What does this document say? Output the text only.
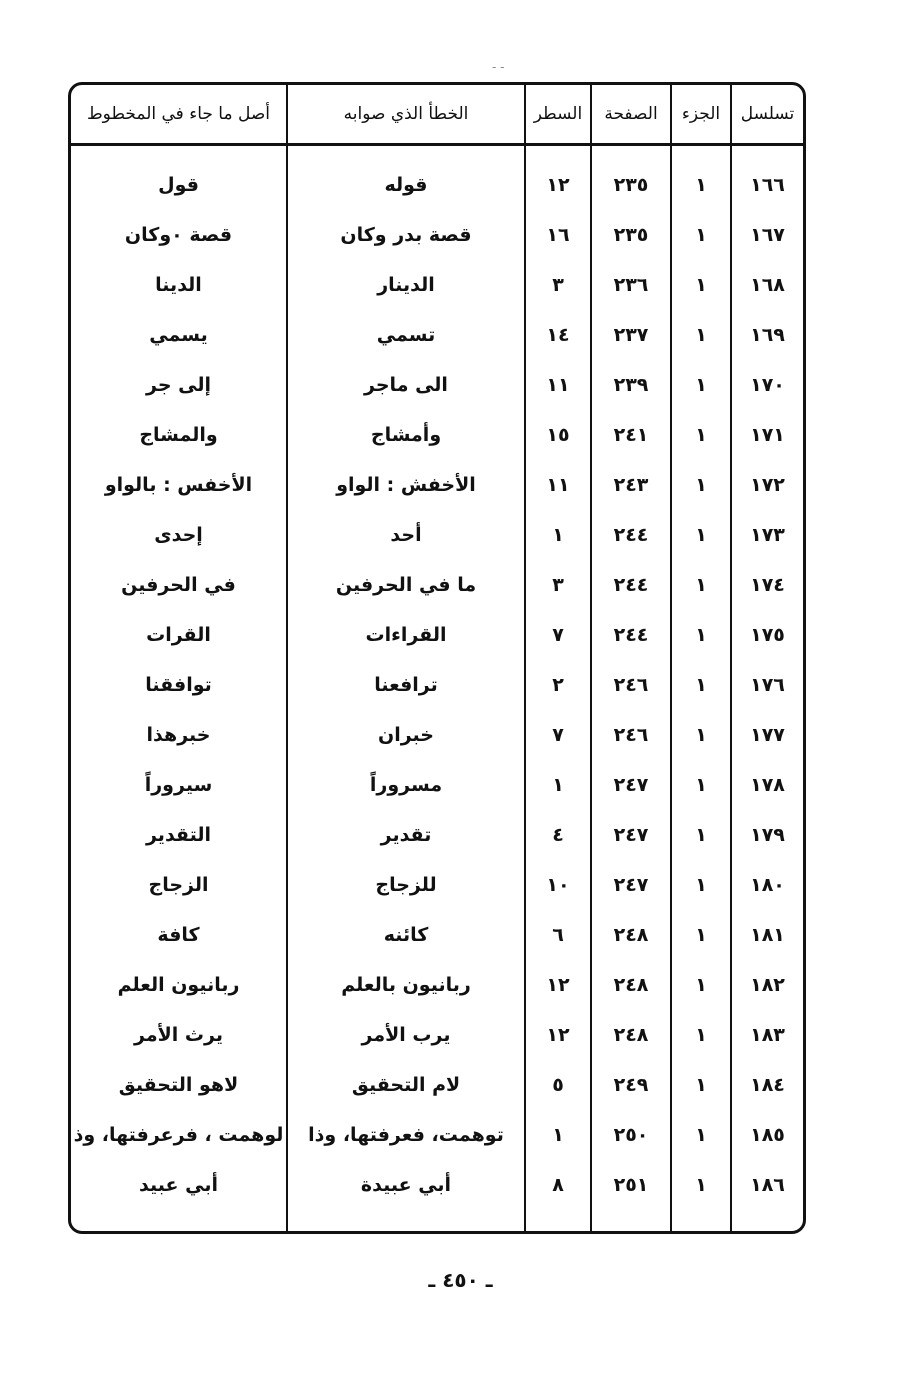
- -
تسلسل	الجزء	الصفحة	السطر	الخطأ الذي صوابه	أصل ما جاء في المخطوط

١٦٦	١	٢٣٥	١٢	قوله	قول
١٦٧	١	٢٣٥	١٦	قصة بدر وكان	قصة ٠وكان
١٦٨	١	٢٣٦	٣	الدينار	الدينا
١٦٩	١	٢٣٧	١٤	تسمي	يسمي
١٧٠	١	٢٣٩	١١	الى ماجر	إلى جر
١٧١	١	٢٤١	١٥	وأمشاج	والمشاج
١٧٢	١	٢٤٣	١١	الأخفش : الواو	الأخفس : بالواو
١٧٣	١	٢٤٤	١	أحد	إحدى
١٧٤	١	٢٤٤	٣	ما في الحرفين	في الحرفين
١٧٥	١	٢٤٤	٧	القراءات	القرات
١٧٦	١	٢٤٦	٢	ترافعنا	توافقنا
١٧٧	١	٢٤٦	٧	خبران	خبرهذا
١٧٨	١	٢٤٧	١	مسروراً	سيروراً
١٧٩	١	٢٤٧	٤	تقدير	التقدير
١٨٠	١	٢٤٧	١٠	للزجاج	الزجاج
١٨١	١	٢٤٨	٦	كائنه	كافة
١٨٢	١	٢٤٨	١٢	ربانيون بالعلم	ربانيون العلم
١٨٣	١	٢٤٨	١٢	يرب الأمر	يرث الأمر
١٨٤	١	٢٤٩	٥	لام التحقيق	لاهو التحقيق
١٨٥	١	٢٥٠	١	توهمت، فعرفتها، وذا	لوهمت ، فرعرفتها، وذ
١٨٦	١	٢٥١	٨	أبي عبيدة	أبي عبيد

ـ ٤٥٠ ـ
